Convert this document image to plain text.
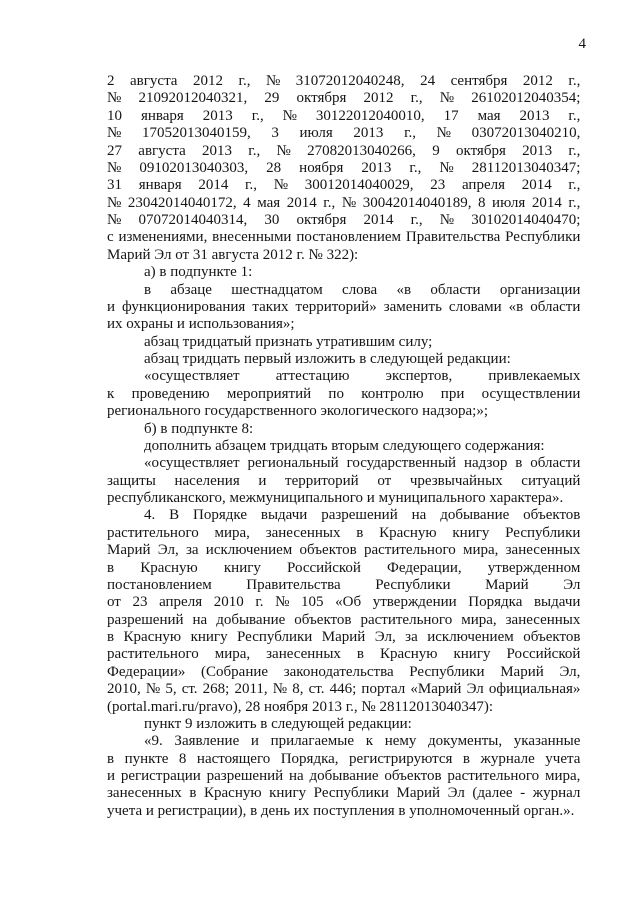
4
2 августа 2012 г., № 31072012040248, 24 сентября 2012 г.,
№ 21092012040321, 29 октября 2012 г., № 26102012040354;
10 января 2013 г., № 30122012040010, 17 мая 2013 г.,
№ 17052013040159, 3 июля 2013 г., № 03072013040210,
27 августа 2013 г., № 27082013040266, 9 октября 2013 г.,
№ 09102013040303, 28 ноября 2013 г., № 28112013040347;
31 января 2014 г., № 30012014040029, 23 апреля 2014 г.,
№ 23042014040172, 4 мая 2014 г., № 30042014040189, 8 июля 2014 г.,
№ 07072014040314, 30 октября 2014 г., № 30102014040470;
с изменениями, внесенными постановлением Правительства Республики
Марий Эл от 31 августа 2012 г. № 322):
а) в подпункте 1:
в абзаце шестнадцатом слова «в области организации
и функционирования таких территорий» заменить словами «в области
их охраны и использования»;
абзац тридцатый признать утратившим силу;
абзац тридцать первый изложить в следующей редакции:
«осуществляет аттестацию экспертов, привлекаемых
к проведению мероприятий по контролю при осуществлении
регионального государственного экологического надзора;»;
б) в подпункте 8:
дополнить абзацем тридцать вторым следующего содержания:
«осуществляет региональный государственный надзор в области
защиты населения и территорий от чрезвычайных ситуаций
республиканского, межмуниципального и муниципального характера».
4. В Порядке выдачи разрешений на добывание объектов
растительного мира, занесенных в Красную книгу Республики
Марий Эл, за исключением объектов растительного мира, занесенных
в Красную книгу Российской Федерации, утвержденном
постановлением Правительства Республики Марий Эл
от 23 апреля 2010 г. № 105 «Об утверждении Порядка выдачи
разрешений на добывание объектов растительного мира, занесенных
в Красную книгу Республики Марий Эл, за исключением объектов
растительного мира, занесенных в Красную книгу Российской
Федерации» (Собрание законодательства Республики Марий Эл,
2010, № 5, ст. 268; 2011, № 8, ст. 446; портал «Марий Эл официальная»
(portal.mari.ru/pravo), 28 ноября 2013 г., № 28112013040347):
пункт 9 изложить в следующей редакции:
«9. Заявление и прилагаемые к нему документы, указанные
в пункте 8 настоящего Порядка, регистрируются в журнале учета
и регистрации разрешений на добывание объектов растительного мира,
занесенных в Красную книгу Республики Марий Эл (далее - журнал
учета и регистрации), в день их поступления в уполномоченный орган.».
